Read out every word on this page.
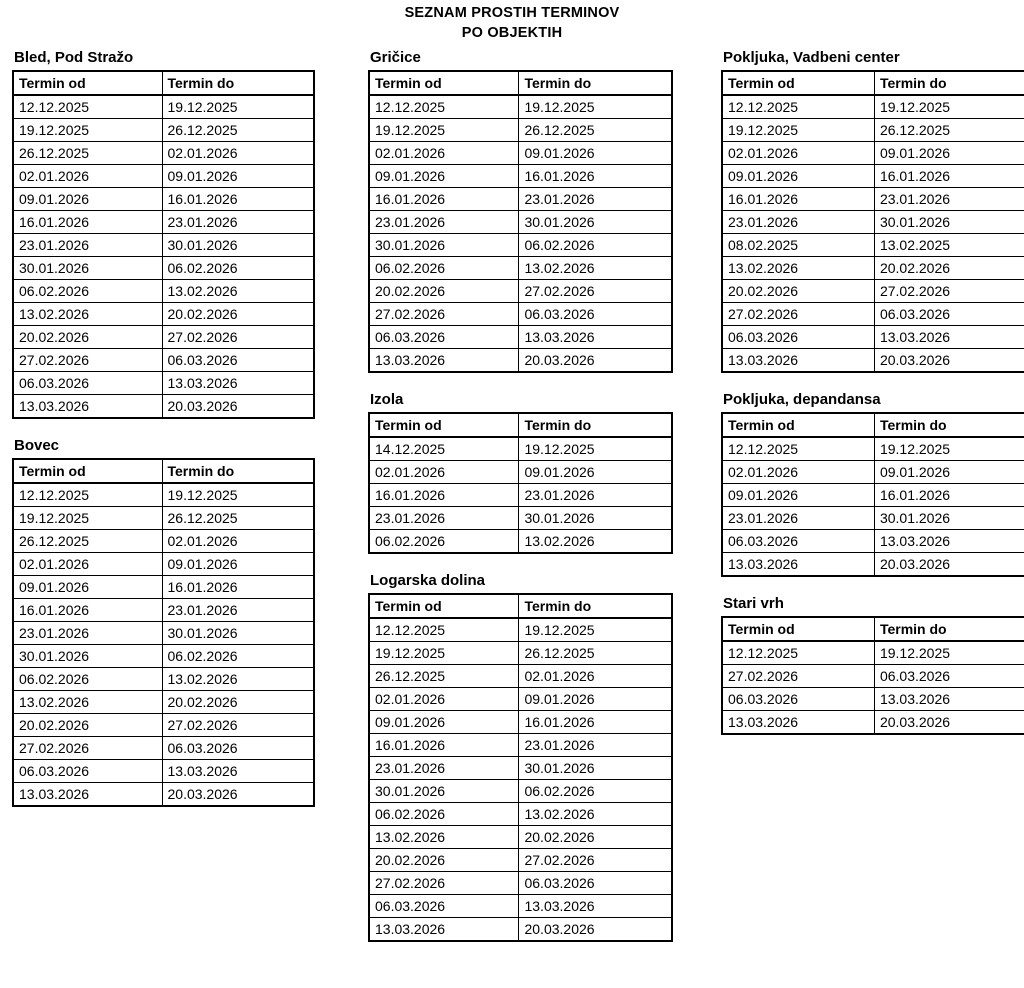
SEZNAM PROSTIH TERMINOV
PO OBJEKTIH
Bled, Pod Stražo
Termin od	Termin do
12.12.2025	19.12.2025
19.12.2025	26.12.2025
26.12.2025	02.01.2026
02.01.2026	09.01.2026
09.01.2026	16.01.2026
16.01.2026	23.01.2026
23.01.2026	30.01.2026
30.01.2026	06.02.2026
06.02.2026	13.02.2026
13.02.2026	20.02.2026
20.02.2026	27.02.2026
27.02.2026	06.03.2026
06.03.2026	13.03.2026
13.03.2026	20.03.2026
Bovec
Termin od	Termin do
12.12.2025	19.12.2025
19.12.2025	26.12.2025
26.12.2025	02.01.2026
02.01.2026	09.01.2026
09.01.2026	16.01.2026
16.01.2026	23.01.2026
23.01.2026	30.01.2026
30.01.2026	06.02.2026
06.02.2026	13.02.2026
13.02.2026	20.02.2026
20.02.2026	27.02.2026
27.02.2026	06.03.2026
06.03.2026	13.03.2026
13.03.2026	20.03.2026
Gričice
Termin od	Termin do
12.12.2025	19.12.2025
19.12.2025	26.12.2025
02.01.2026	09.01.2026
09.01.2026	16.01.2026
16.01.2026	23.01.2026
23.01.2026	30.01.2026
30.01.2026	06.02.2026
06.02.2026	13.02.2026
20.02.2026	27.02.2026
27.02.2026	06.03.2026
06.03.2026	13.03.2026
13.03.2026	20.03.2026
Izola
Termin od	Termin do
14.12.2025	19.12.2025
02.01.2026	09.01.2026
16.01.2026	23.01.2026
23.01.2026	30.01.2026
06.02.2026	13.02.2026
Logarska dolina
Termin od	Termin do
12.12.2025	19.12.2025
19.12.2025	26.12.2025
26.12.2025	02.01.2026
02.01.2026	09.01.2026
09.01.2026	16.01.2026
16.01.2026	23.01.2026
23.01.2026	30.01.2026
30.01.2026	06.02.2026
06.02.2026	13.02.2026
13.02.2026	20.02.2026
20.02.2026	27.02.2026
27.02.2026	06.03.2026
06.03.2026	13.03.2026
13.03.2026	20.03.2026
Pokljuka, Vadbeni center
Termin od	Termin do
12.12.2025	19.12.2025
19.12.2025	26.12.2025
02.01.2026	09.01.2026
09.01.2026	16.01.2026
16.01.2026	23.01.2026
23.01.2026	30.01.2026
08.02.2025	13.02.2025
13.02.2026	20.02.2026
20.02.2026	27.02.2026
27.02.2026	06.03.2026
06.03.2026	13.03.2026
13.03.2026	20.03.2026
Pokljuka, depandansa
Termin od	Termin do
12.12.2025	19.12.2025
02.01.2026	09.01.2026
09.01.2026	16.01.2026
23.01.2026	30.01.2026
06.03.2026	13.03.2026
13.03.2026	20.03.2026
Stari vrh
Termin od	Termin do
12.12.2025	19.12.2025
27.02.2026	06.03.2026
06.03.2026	13.03.2026
13.03.2026	20.03.2026
